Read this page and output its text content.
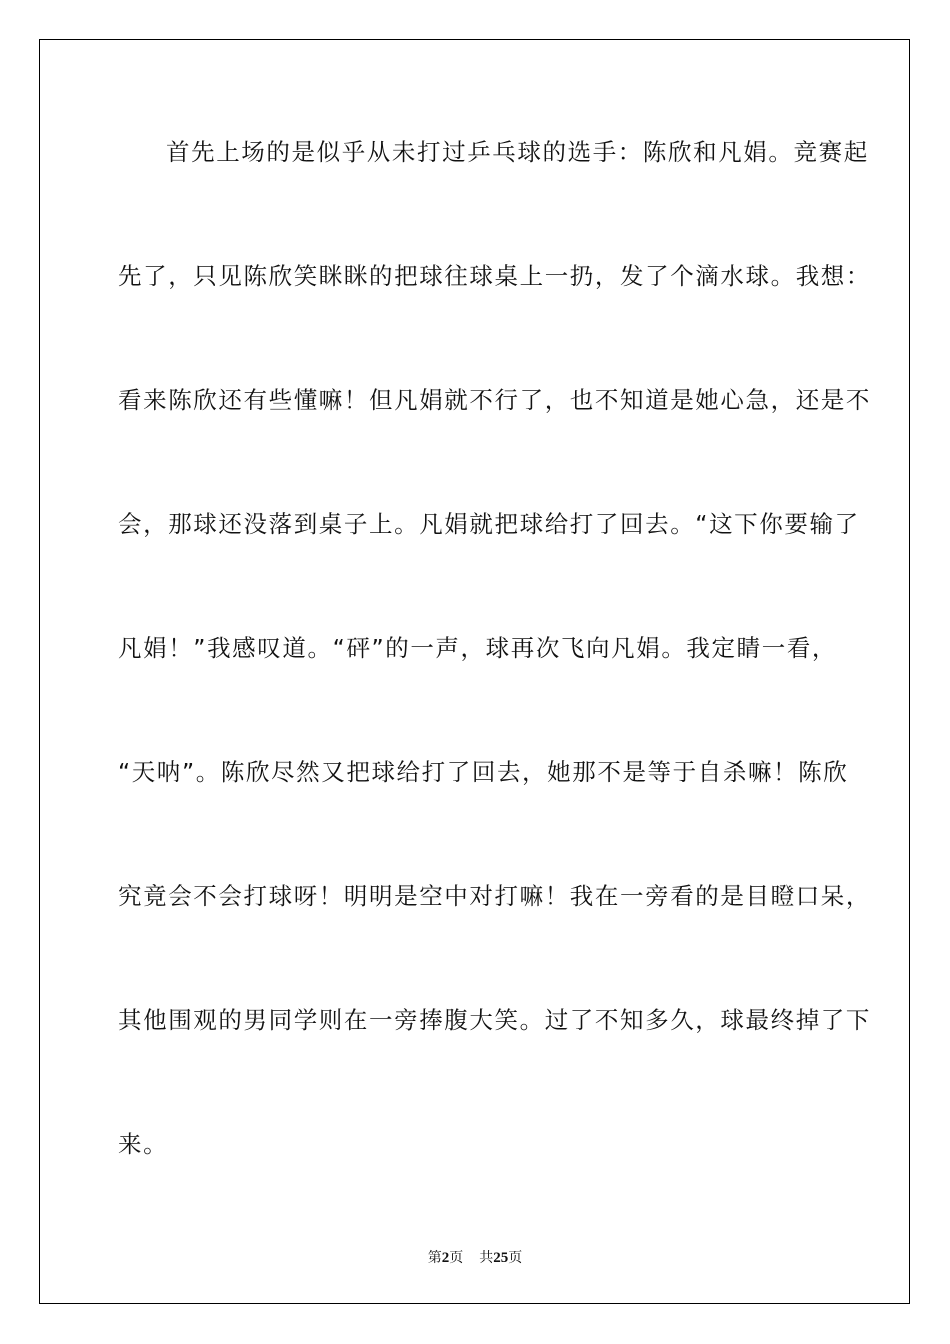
首先上场的是似乎从未打过乒乓球的选手：陈欣和凡娟。竞赛起
先了，只见陈欣笑眯眯的把球往球桌上一扔，发了个滴水球。我想：
看来陈欣还有些懂嘛！但凡娟就不行了，也不知道是她心急，还是不
会，那球还没落到桌子上。凡娟就把球给打了回去。“这下你要输了
凡娟！”我感叹道。“砰”的一声，球再次飞向凡娟。我定睛一看，
“天呐”。陈欣尽然又把球给打了回去，她那不是等于自杀嘛！陈欣
究竟会不会打球呀！明明是空中对打嘛！我在一旁看的是目瞪口呆，
其他围观的男同学则在一旁捧腹大笑。过了不知多久，球最终掉了下
来。
第2页 共25页
